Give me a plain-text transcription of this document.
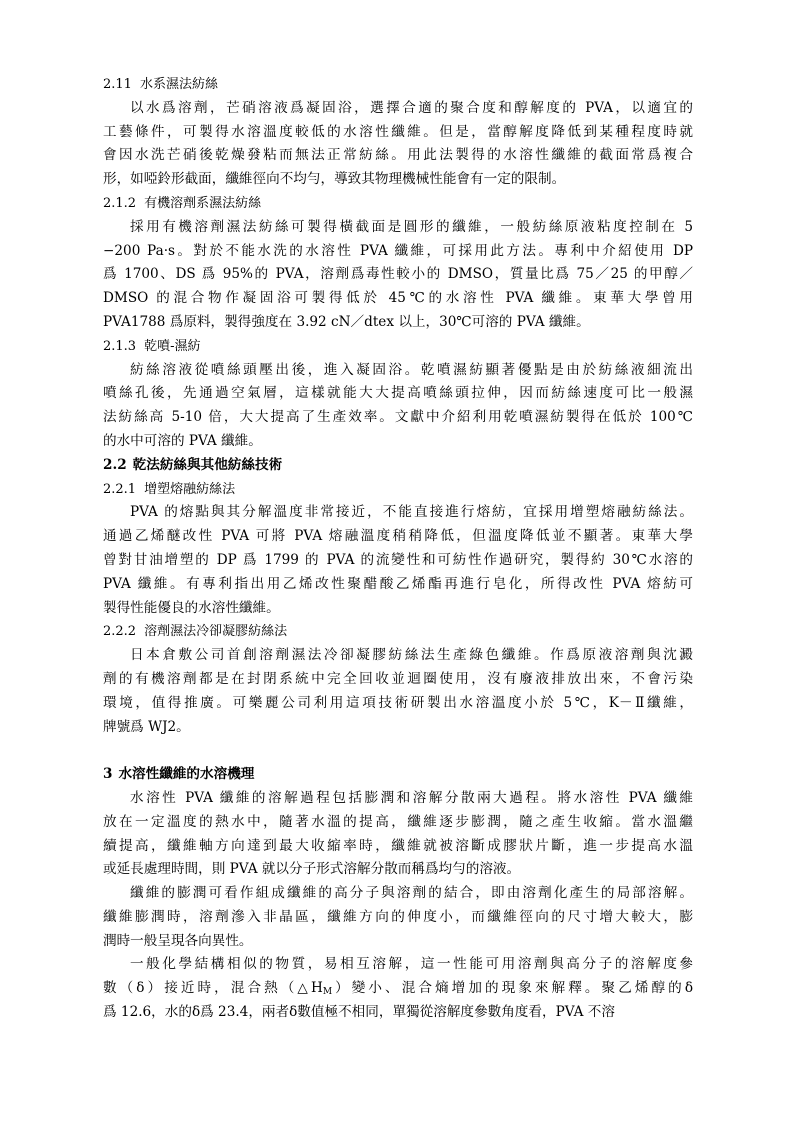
2.11 水系濕法紡絲
以水爲溶劑，芒硝溶液爲凝固浴，選擇合適的聚合度和醇解度的 PVA，以適宜的
工藝條件，可製得水溶溫度較低的水溶性纖維。但是，當醇解度降低到某種程度時就
會因水洗芒硝後乾燥發粘而無法正常紡絲。用此法製得的水溶性纖維的截面常爲複合
形，如啞鈴形截面，纖維徑向不均勻，導致其物理機械性能會有一定的限制。
2.1.2 有機溶劑系濕法紡絲
採用有機溶劑濕法紡絲可製得橫截面是圓形的纖維，一般紡絲原液粘度控制在 5
−200 Pa·s。對於不能水洗的水溶性 PVA 纖維，可採用此方法。專利中介紹使用 DP
爲 1700、DS 爲 95%的 PVA，溶劑爲毒性較小的 DMSO，質量比爲 75／25 的甲醇／
DMSO 的混合物作凝固浴可製得低於 45℃的水溶性 PVA 纖維。東華大學曾用
PVA1788 爲原料，製得強度在 3.92 cN／dtex 以上，30℃可溶的 PVA 纖維。
2.1.3 乾噴-濕紡
紡絲溶液從噴絲頭壓出後，進入凝固浴。乾噴濕紡顯著優點是由於紡絲液細流出
噴絲孔後，先通過空氣層，這樣就能大大提高噴絲頭拉伸，因而紡絲速度可比一般濕
法紡絲高 5-10 倍，大大提高了生產效率。文獻中介紹利用乾噴濕紡製得在低於 100℃
的水中可溶的 PVA 纖維。
2.2 乾法紡絲與其他紡絲技術
2.2.1 增塑熔融紡絲法
PVA 的熔點與其分解溫度非常接近，不能直接進行熔紡，宜採用增塑熔融紡絲法。
通過乙烯醚改性 PVA 可將 PVA 熔融溫度稍稍降低，但溫度降低並不顯著。東華大學
曾對甘油增塑的 DP 爲 1799 的 PVA 的流變性和可紡性作過研究，製得約 30℃水溶的
PVA 纖維。有專利指出用乙烯改性聚醋酸乙烯酯再進行皂化，所得改性 PVA 熔紡可
製得性能優良的水溶性纖維。
2.2.2 溶劑濕法冷卻凝膠紡絲法
日本倉敷公司首創溶劑濕法冷卻凝膠紡絲法生產綠色纖維。作爲原液溶劑與沈澱
劑的有機溶劑都是在封閉系統中完全回收並迴圈使用，沒有廢液排放出來，不會污染
環境，值得推廣。可樂麗公司利用這項技術研製出水溶溫度小於 5℃，K－Ⅱ纖維，
牌號爲 WJ2。
3 水溶性纖維的水溶機理
水溶性 PVA 纖維的溶解過程包括膨潤和溶解分散兩大過程。將水溶性 PVA 纖維
放在一定溫度的熱水中，隨著水溫的提高，纖維逐步膨潤，隨之產生收縮。當水溫繼
續提高，纖維軸方向達到最大收縮率時，纖維就被溶斷成膠狀片斷，進一步提高水溫
或延長處理時間，則 PVA 就以分子形式溶解分散而稱爲均勻的溶液。
纖維的膨潤可看作組成纖維的高分子與溶劑的結合，即由溶劑化產生的局部溶解。
纖維膨潤時，溶劑滲入非晶區，纖維方向的伸度小，而纖維徑向的尺寸增大較大，膨
潤時一般呈現各向異性。
一般化學結構相似的物質，易相互溶解，這一性能可用溶劑與高分子的溶解度參
數（δ）接近時，混合熱$(\triangle H_M)$變小、混合熵增加的現象來解釋。聚乙烯醇的δ
爲 12.6，水的δ爲 23.4，兩者δ數值極不相同，單獨從溶解度參數角度看，PVA 不溶
